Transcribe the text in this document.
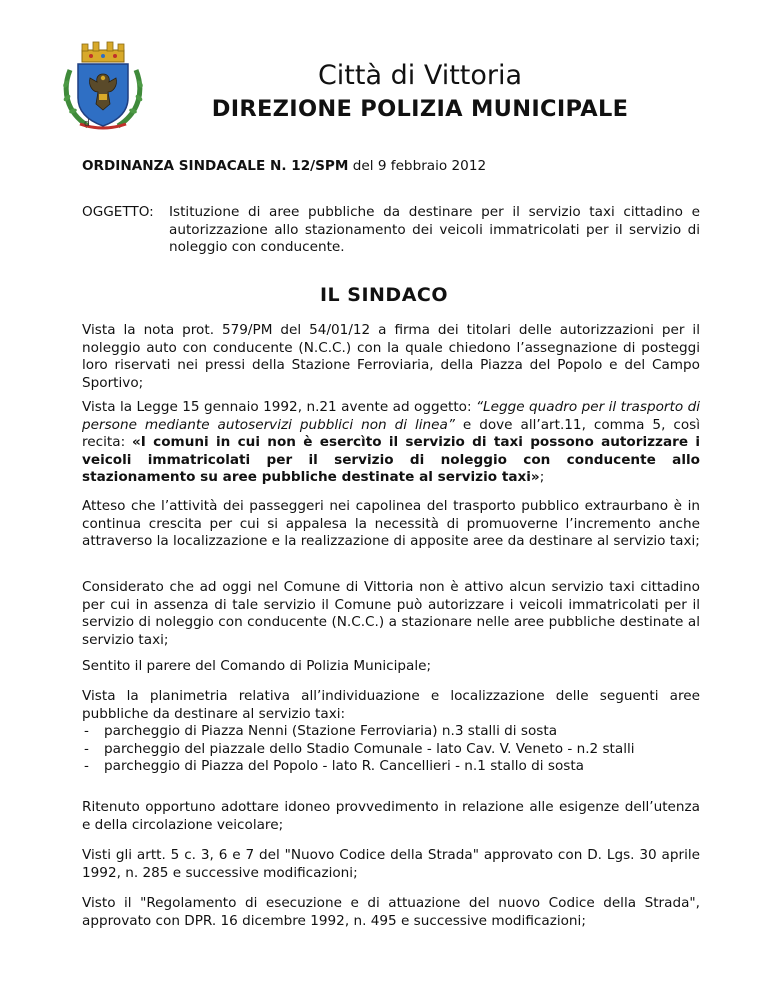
d
Città di Vittoria
DIREZIONE POLIZIA MUNICIPALE
ORDINANZA SINDACALE N. 12/SPM del 9 febbraio 2012
OGGETTO: Istituzione di aree pubbliche da destinare per il servizio taxi cittadino e autorizzazione allo stazionamento dei veicoli immatricolati per il servizio di noleggio con conducente.
IL SINDACO

Vista la nota prot. 579/PM del 54/01/12 a firma dei titolari delle autorizzazioni per il noleggio auto con conducente (N.C.C.) con la quale chiedono l’assegnazione di posteggi loro riservati nei pressi della Stazione Ferroviaria, della Piazza del Popolo e del Campo Sportivo;

Vista la Legge 15 gennaio 1992, n.21 avente ad oggetto: “Legge quadro per il trasporto di persone mediante autoservizi pubblici non di linea” e dove all’art.11, comma 5, così recita: «I comuni in cui non è esercìto il servizio di taxi possono autorizzare i veicoli immatricolati per il servizio di noleggio con conducente allo stazionamento su aree pubbliche destinate al servizio taxi»;

Atteso che l’attività dei passeggeri nei capolinea del trasporto pubblico extraurbano è in continua crescita per cui si appalesa la necessità di promuoverne l’incremento anche attraverso la localizzazione e la realizzazione di apposite aree da destinare al servizio taxi;

Considerato che ad oggi nel Comune di Vittoria non è attivo alcun servizio taxi cittadino per cui in assenza di tale servizio il Comune può autorizzare i veicoli immatricolati per il servizio di noleggio con conducente (N.C.C.) a stazionare nelle aree pubbliche destinate al servizio taxi;

Sentito il parere del Comando di Polizia Municipale;

Vista la planimetria relativa all’individuazione e localizzazione delle seguenti aree pubbliche da destinare al servizio taxi:
- parcheggio di Piazza Nenni (Stazione Ferroviaria) n.3 stalli di sosta
- parcheggio del piazzale dello Stadio Comunale - lato Cav. V. Veneto - n.2 stalli
- parcheggio di Piazza del Popolo - lato R. Cancellieri - n.1 stallo di sosta

Ritenuto opportuno adottare idoneo provvedimento in relazione alle esigenze dell’utenza e della circolazione veicolare;

Visti gli artt. 5 c. 3, 6 e 7 del "Nuovo Codice della Strada" approvato con D. Lgs. 30 aprile 1992, n. 285 e successive modificazioni;

Visto il "Regolamento di esecuzione e di attuazione del nuovo Codice della Strada", approvato con DPR. 16 dicembre 1992, n. 495 e successive modificazioni;
